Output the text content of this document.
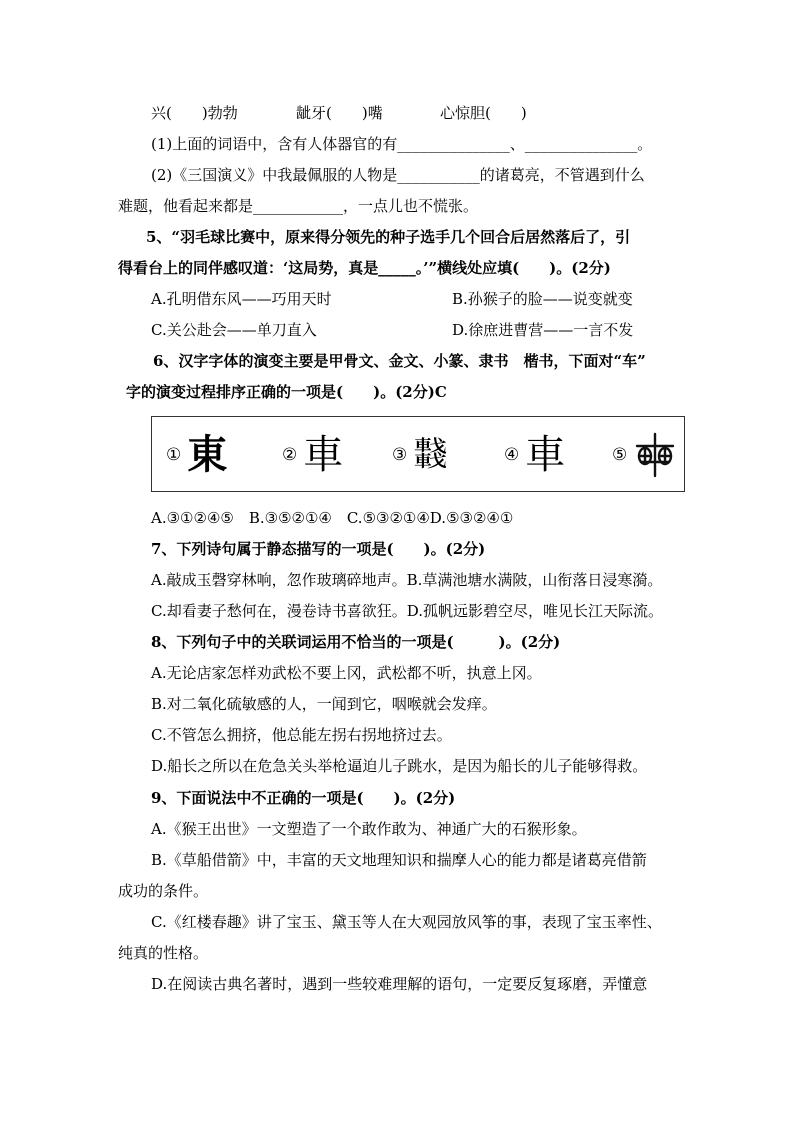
兴(　　)勃勃	龇牙(　　)嘴	心惊胆(　　)
(1)上面的词语中，含有人体器官的有_______________、_______________。
(2)《三国演义》中我最佩服的人物是___________的诸葛亮，不管遇到什么
难题，他看起来都是____________，一点儿也不慌张。
5、“羽毛球比赛中，原来得分领先的种子选手几个回合后居然落后了，引
得看台上的同伴感叹道：‘这局势，真是_____。’”横线处应填(　　)。(2分)
A.孔明借东风——巧用天时	B.孙猴子的脸——说变就变
C.关公赴会——单刀直入	D.徐庶进曹营——一言不发
6、汉字字体的演变主要是甲骨文、金文、小篆、隶书　楷书，下面对“车”
字的演变过程排序正确的一项是(　　)。(2分)C
① 東	② 車	③ 𨏖	④ 車	⑤
A.③①②④⑤　B.③⑤②①④　C.⑤③②①④D.⑤③②④①
7、下列诗句属于静态描写的一项是(　　)。(2分)
A.敲成玉磬穿林响，忽作玻璃碎地声。B.草满池塘水满陂，山衔落日浸寒漪。
C.却看妻子愁何在，漫卷诗书喜欲狂。D.孤帆远影碧空尽，唯见长江天际流。
8、下列句子中的关联词运用不恰当的一项是(　　　)。(2分)
A.无论店家怎样劝武松不要上冈，武松都不听，执意上冈。
B.对二氧化硫敏感的人，一闻到它，咽喉就会发痒。
C.不管怎么拥挤，他总能左拐右拐地挤过去。
D.船长之所以在危急关头举枪逼迫儿子跳水，是因为船长的儿子能够得救。
9、下面说法中不正确的一项是(　　)。(2分)
A.《猴王出世》一文塑造了一个敢作敢为、神通广大的石猴形象。
B.《草船借箭》中，丰富的天文地理知识和揣摩人心的能力都是诸葛亮借箭
成功的条件。
C.《红楼春趣》讲了宝玉、黛玉等人在大观园放风筝的事，表现了宝玉率性、
纯真的性格。
D.在阅读古典名著时，遇到一些较难理解的语句，一定要反复琢磨，弄懂意
